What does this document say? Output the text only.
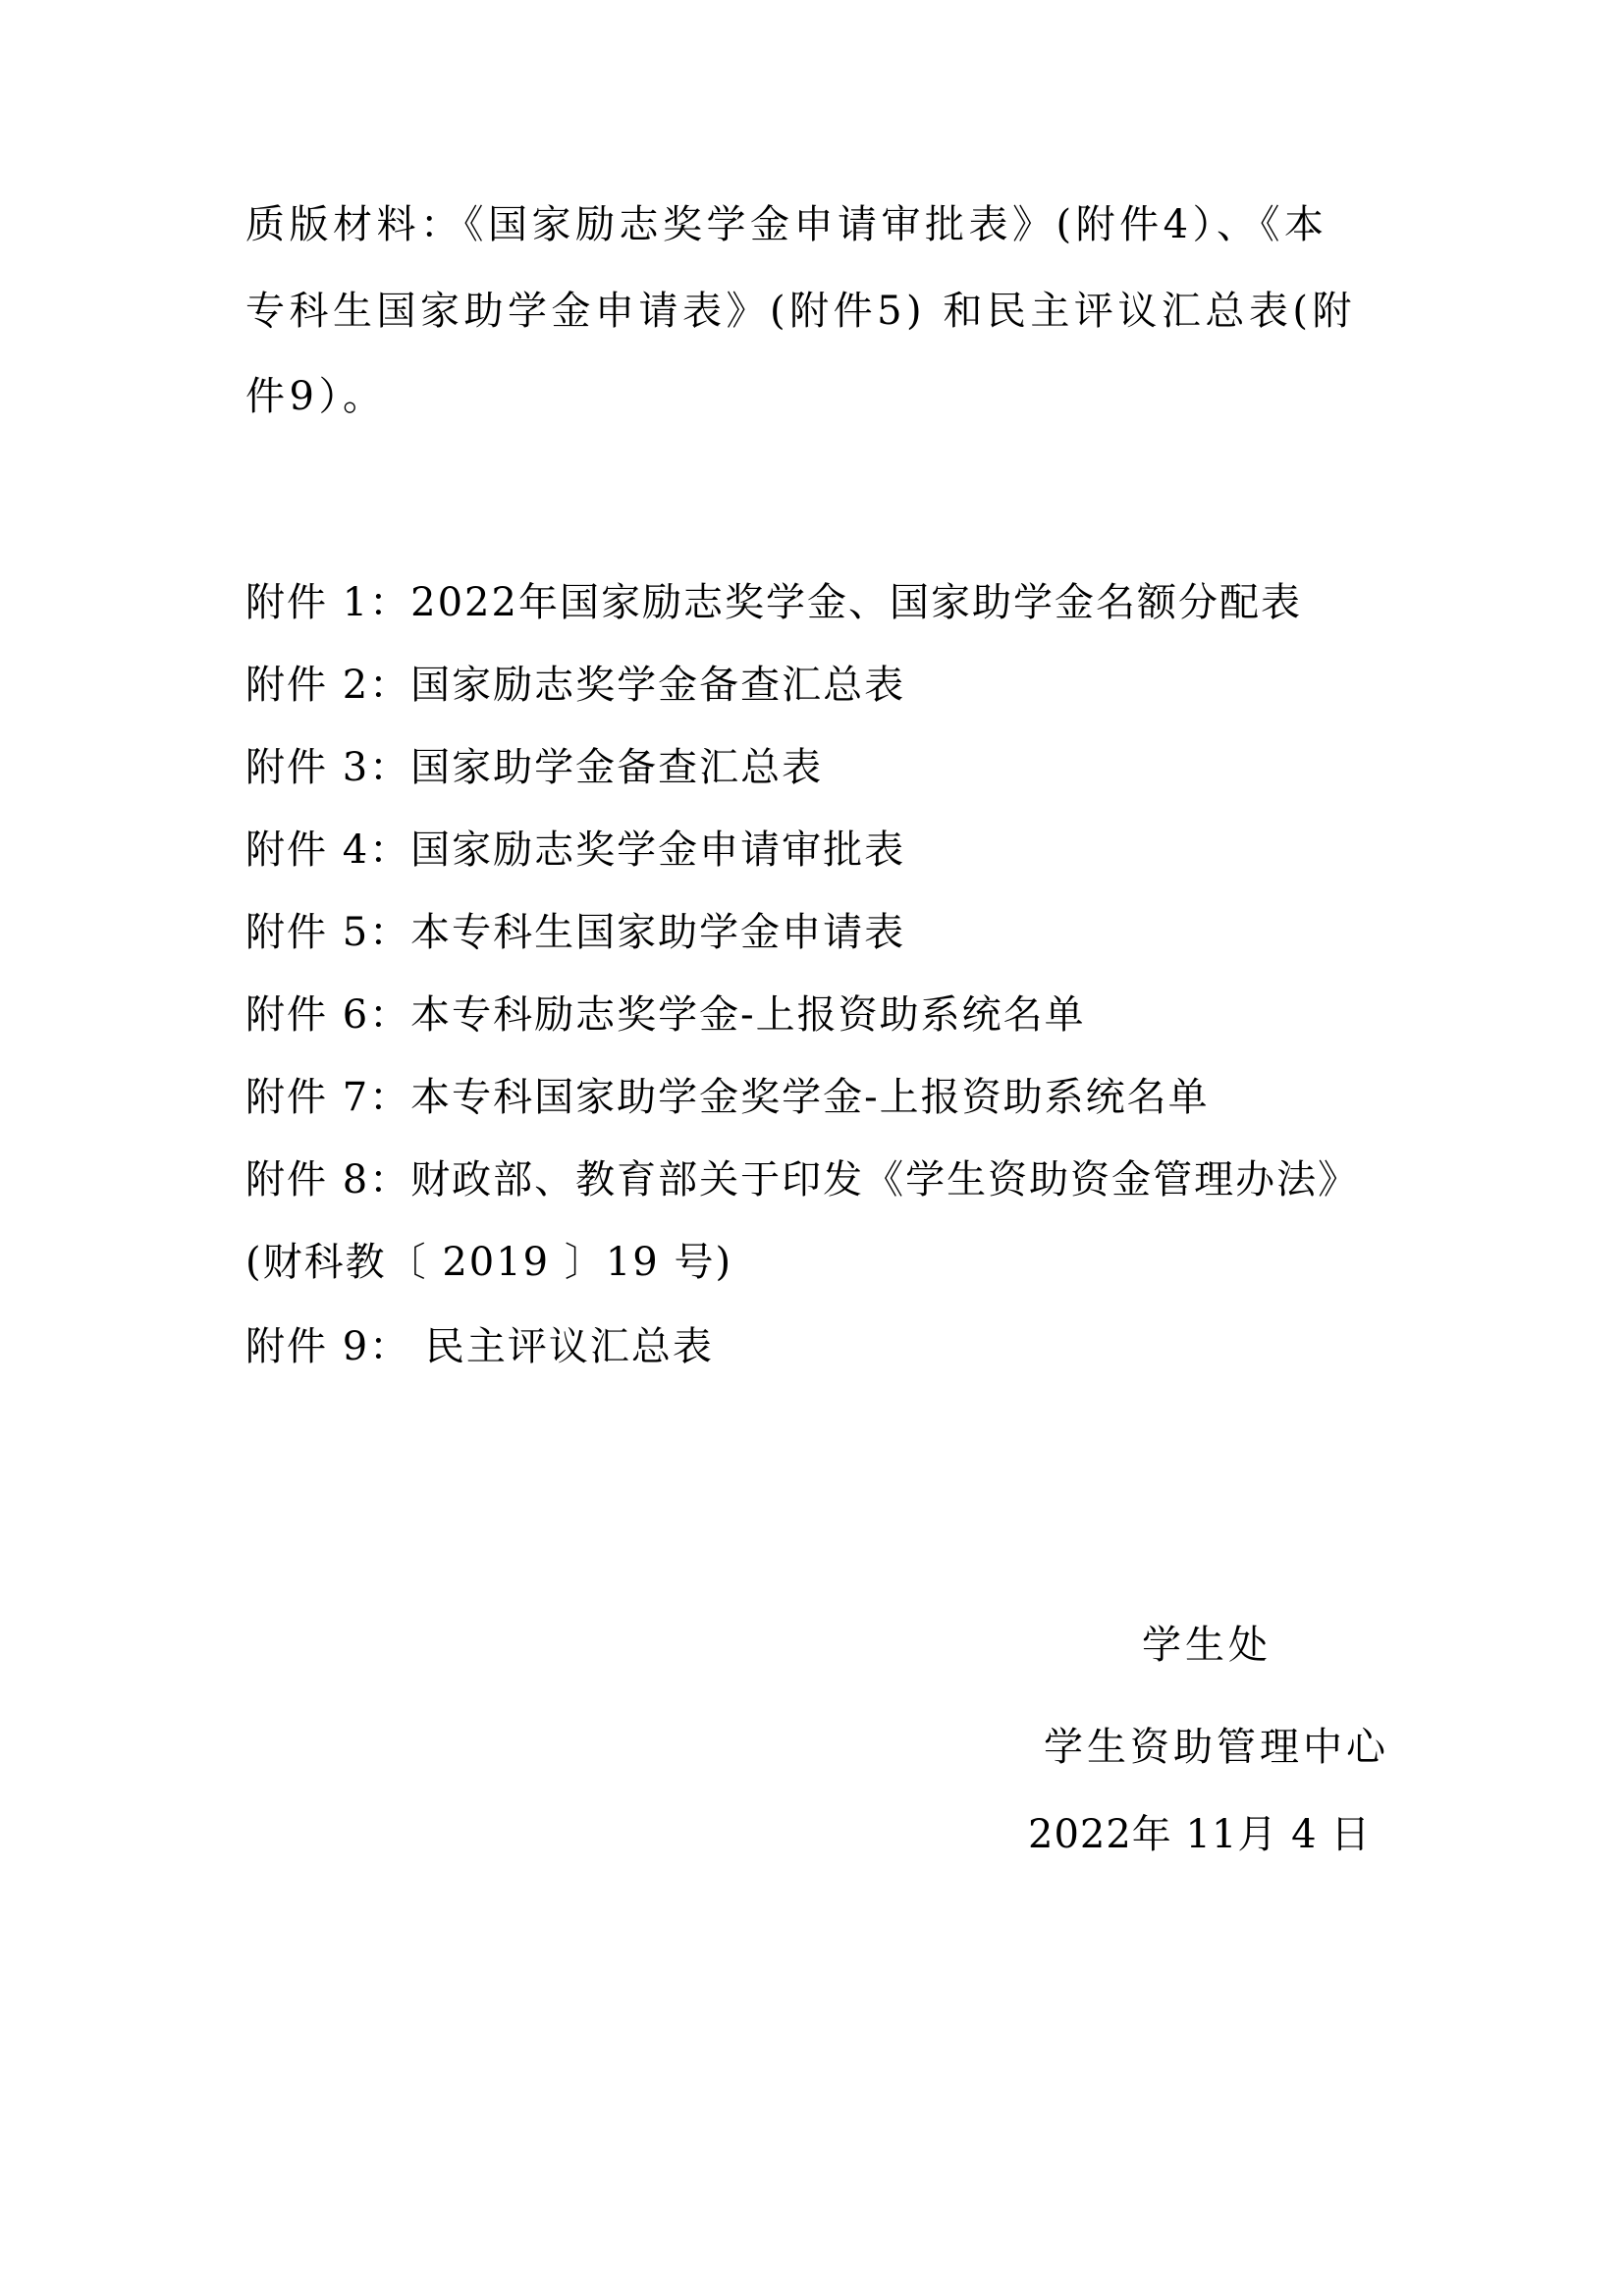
质版材料：《国家励志奖学金申请审批表》(附件4）、《本
专科生国家助学金申请表》(附件5) 和民主评议汇总表(附
件9）。
附件 1：2022年国家励志奖学金、国家助学金名额分配表
附件 2：国家励志奖学金备查汇总表
附件 3：国家助学金备查汇总表
附件 4：国家励志奖学金申请审批表
附件 5：本专科生国家助学金申请表
附件 6：本专科励志奖学金-上报资助系统名单
附件 7：本专科国家助学金奖学金-上报资助系统名单
附件 8：财政部、教育部关于印发《学生资助资金管理办法》
(财科教〔 2019 〕19 号)
附件 9： 民主评议汇总表
学生处
学生资助管理中心
2022年 11月 4 日
